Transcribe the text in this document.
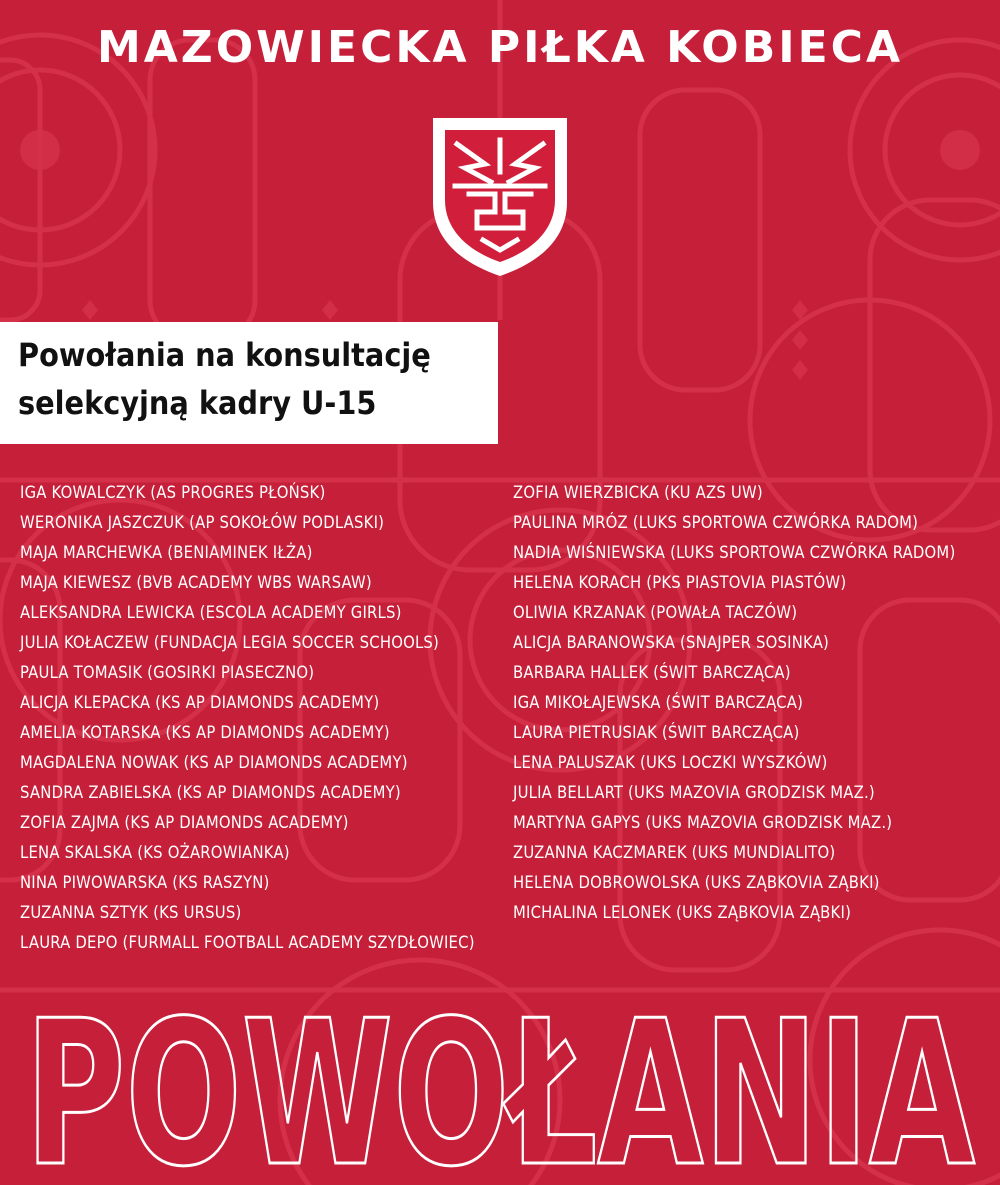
MAZOWIECKA PIŁKA KOBIECA
Powołania na konsultację
selekcyjną kadry U-15
IGA KOWALCZYK (AS PROGRES PŁOŃSK)
WERONIKA JASZCZUK (AP SOKOŁÓW PODLASKI)
MAJA MARCHEWKA (BENIAMINEK IŁŻA)
MAJA KIEWESZ (BVB ACADEMY WBS WARSAW)
ALEKSANDRA LEWICKA (ESCOLA ACADEMY GIRLS)
JULIA KOŁACZEW (FUNDACJA LEGIA SOCCER SCHOOLS)
PAULA TOMASIK (GOSIRKI PIASECZNO)
ALICJA KLEPACKA (KS AP DIAMONDS ACADEMY)
AMELIA KOTARSKA (KS AP DIAMONDS ACADEMY)
MAGDALENA NOWAK (KS AP DIAMONDS ACADEMY)
SANDRA ZABIELSKA (KS AP DIAMONDS ACADEMY)
ZOFIA ZAJMA (KS AP DIAMONDS ACADEMY)
LENA SKALSKA (KS OŻAROWIANKA)
NINA PIWOWARSKA (KS RASZYN)
ZUZANNA SZTYK (KS URSUS)
LAURA DEPO (FURMALL FOOTBALL ACADEMY SZYDŁOWIEC)
ZOFIA WIERZBICKA (KU AZS UW)
PAULINA MRÓZ (LUKS SPORTOWA CZWÓRKA RADOM)
NADIA WIŚNIEWSKA (LUKS SPORTOWA CZWÓRKA RADOM)
HELENA KORACH (PKS PIASTOVIA PIASTÓW)
OLIWIA KRZANAK (POWAŁA TACZÓW)
ALICJA BARANOWSKA (SNAJPER SOSINKA)
BARBARA HALLEK (ŚWIT BARCZĄCA)
IGA MIKOŁAJEWSKA (ŚWIT BARCZĄCA)
LAURA PIETRUSIAK (ŚWIT BARCZĄCA)
LENA PALUSZAK (UKS LOCZKI WYSZKÓW)
JULIA BELLART (UKS MAZOVIA GRODZISK MAZ.)
MARTYNA GAPYS (UKS MAZOVIA GRODZISK MAZ.)
ZUZANNA KACZMAREK (UKS MUNDIALITO)
HELENA DOBROWOLSKA (UKS ZĄBKOVIA ZĄBKI)
MICHALINA LELONEK (UKS ZĄBKOVIA ZĄBKI)
POWOŁANIA
